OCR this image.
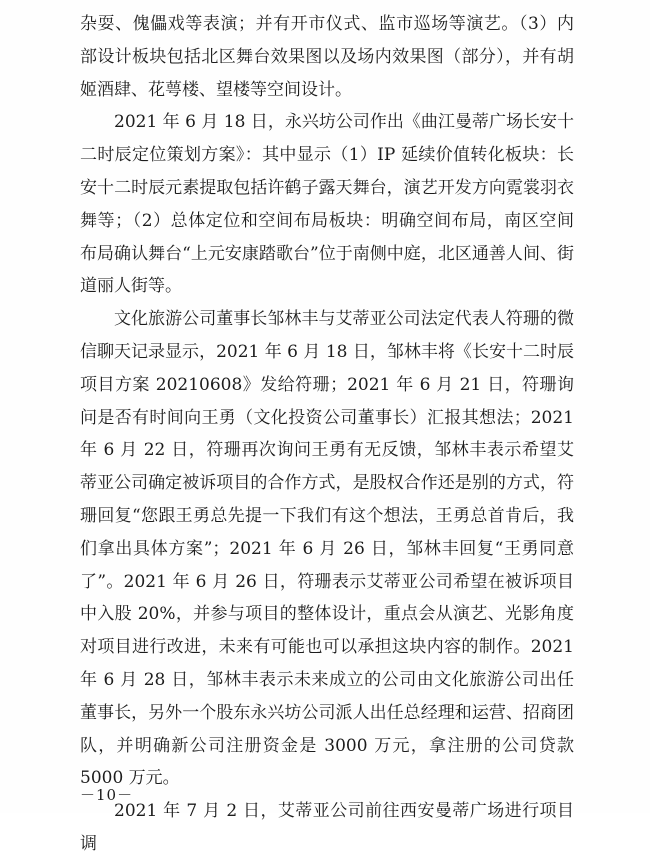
杂耍、傀儡戏等表演；并有开市仪式、监市巡场等演艺。（3）内部设计板块包括北区舞台效果图以及场内效果图（部分），并有胡姬酒肆、花萼楼、望楼等空间设计。

2021 年 6 月 18 日，永兴坊公司作出《曲江曼蒂广场长安十二时辰定位策划方案》：其中显示（1）IP 延续价值转化板块：长安十二时辰元素提取包括许鹤子露天舞台，演艺开发方向霓裳羽衣舞等；（2）总体定位和空间布局板块：明确空间布局，南区空间布局确认舞台“上元安康踏歌台”位于南侧中庭，北区通善人间、街道丽人街等。

文化旅游公司董事长邹林丰与艾蒂亚公司法定代表人符珊的微信聊天记录显示，2021 年 6 月 18 日，邹林丰将《长安十二时辰项目方案 20210608》发给符珊；2021 年 6 月 21 日，符珊询问是否有时间向王勇（文化投资公司董事长）汇报其想法；2021 年 6 月 22 日，符珊再次询问王勇有无反馈，邹林丰表示希望艾蒂亚公司确定被诉项目的合作方式，是股权合作还是别的方式，符珊回复“您跟王勇总先提一下我们有这个想法，王勇总首肯后，我们拿出具体方案”；2021 年 6 月 26 日，邹林丰回复“王勇同意了”。2021 年 6 月 26 日，符珊表示艾蒂亚公司希望在被诉项目中入股 20%，并参与项目的整体设计，重点会从演艺、光影角度对项目进行改进，未来有可能也可以承担这块内容的制作。2021 年 6 月 28 日，邹林丰表示未来成立的公司由文化旅游公司出任董事长，另外一个股东永兴坊公司派人出任总经理和运营、招商团队，并明确新公司注册资金是 3000 万元，拿注册的公司贷款 5000 万元。

2021 年 7 月 2 日，艾蒂亚公司前往西安曼蒂广场进行项目调

－10－
